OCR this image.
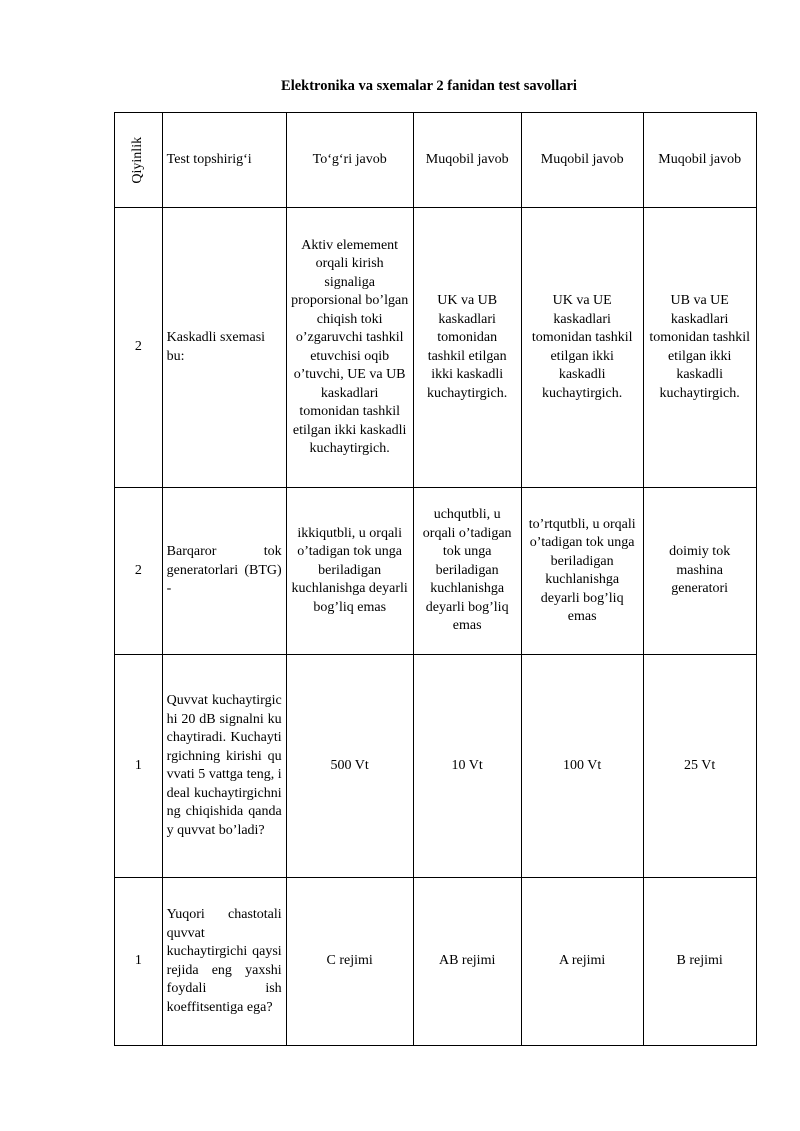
Elektronika va sxemalar 2 fanidan test savollari
Qiyinlik	Test topshirig‘i	To‘g‘ri javob	Muqobil javob	Muqobil javob	Muqobil javob
2	Kaskadli sxemasi bu:	Aktiv elemement orqali kirish signaliga proporsional bo’lgan chiqish toki o’zgaruvchi tashkil etuvchisi oqib o’tuvchi, UE va UB kaskadlari tomonidan tashkil etilgan ikki kaskadli kuchaytirgich.	UK va UB kaskadlari tomonidan tashkil etilgan ikki kaskadli kuchaytirgich.	UK va UE kaskadlari tomonidan tashkil etilgan ikki kaskadli kuchaytirgich.	UB va UE kaskadlari tomonidan tashkil etilgan ikki kaskadli kuchaytirgich.
2	Barqaror tok generatorlari (BTG) -	ikkiqutbli, u orqali o’tadigan tok unga beriladigan kuchlanishga deyarli bog’liq emas	uchqutbli, u orqali o’tadigan tok unga beriladigan kuchlanishga deyarli bog’liq emas	to’rtqutbli, u orqali o’tadigan tok unga beriladigan kuchlanishga deyarli bog’liq emas	doimiy tok mashina generatori
1	Quvvat kuchaytirgichi 20 dB signalni kuchaytiradi. Kuchaytirgichning kirishi quvvati 5 vattga teng, ideal kuchaytirgichning chiqishida qanday quvvat bo’ladi?	500 Vt	10 Vt	100 Vt	25 Vt
1	Yuqori chastotali quvvat kuchaytirgichi qaysi rejida eng yaxshi foydali ish koeffitsentiga ega?	C rejimi	AB rejimi	A rejimi	B rejimi
